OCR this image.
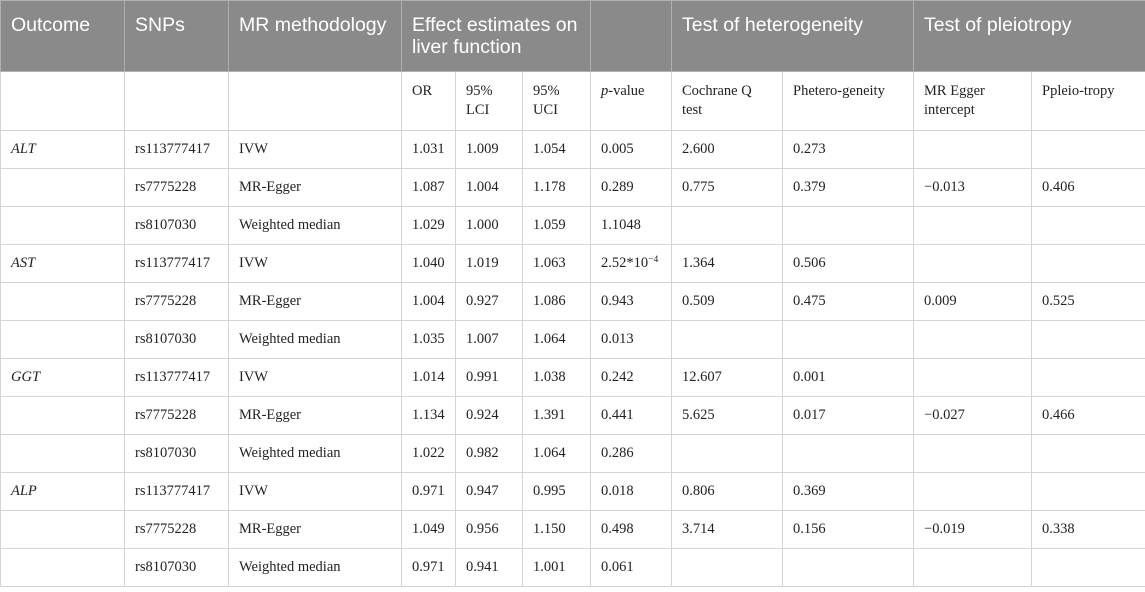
Outcome	SNPs	MR methodology	Effect estimates on liver function				Test of heterogeneity		Test of pleiotropy	
			OR	95% LCI	95% UCI	p-value	Cochrane Q test	Phetero-geneity	MR Egger intercept	Ppleio-tropy
ALT	rs113777417	IVW	1.031	1.009	1.054	0.005	2.600	0.273		
	rs7775228	MR-Egger	1.087	1.004	1.178	0.289	0.775	0.379	−0.013	0.406
	rs8107030	Weighted median	1.029	1.000	1.059	1.1048				
AST	rs113777417	IVW	1.040	1.019	1.063	$2.52*10^{-4}$	1.364	0.506		
	rs7775228	MR-Egger	1.004	0.927	1.086	0.943	0.509	0.475	0.009	0.525
	rs8107030	Weighted median	1.035	1.007	1.064	0.013				
GGT	rs113777417	IVW	1.014	0.991	1.038	0.242	12.607	0.001		
	rs7775228	MR-Egger	1.134	0.924	1.391	0.441	5.625	0.017	−0.027	0.466
	rs8107030	Weighted median	1.022	0.982	1.064	0.286				
ALP	rs113777417	IVW	0.971	0.947	0.995	0.018	0.806	0.369		
	rs7775228	MR-Egger	1.049	0.956	1.150	0.498	3.714	0.156	−0.019	0.338
	rs8107030	Weighted median	0.971	0.941	1.001	0.061				
